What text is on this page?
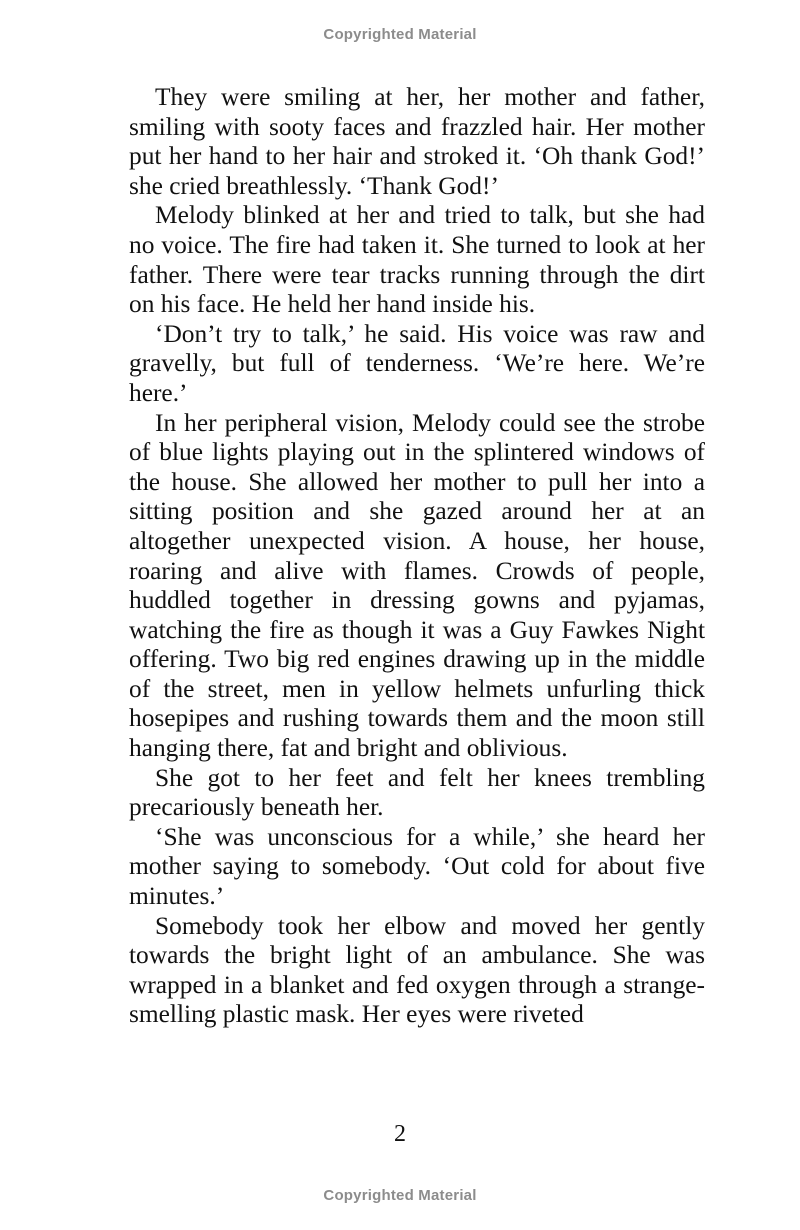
Copyrighted Material

They were smiling at her, her mother and father, smiling with sooty faces and frazzled hair. Her mother put her hand to her hair and stroked it. ‘Oh thank God!’ she cried breathlessly. ‘Thank God!’

Melody blinked at her and tried to talk, but she had no voice. The fire had taken it. She turned to look at her father. There were tear tracks running through the dirt on his face. He held her hand inside his.

‘Don’t try to talk,’ he said. His voice was raw and gravelly, but full of tenderness. ‘We’re here. We’re here.’

In her peripheral vision, Melody could see the strobe of blue lights playing out in the splintered windows of the house. She allowed her mother to pull her into a sitting position and she gazed around her at an altogether unexpected vision. A house, her house, roaring and alive with flames. Crowds of people, huddled together in dressing gowns and pyjamas, watching the fire as though it was a Guy Fawkes Night offering. Two big red engines drawing up in the middle of the street, men in yellow helmets unfurling thick hosepipes and rushing towards them and the moon still hanging there, fat and bright and oblivious.

She got to her feet and felt her knees trembling precariously beneath her.

‘She was unconscious for a while,’ she heard her mother saying to somebody. ‘Out cold for about five minutes.’

Somebody took her elbow and moved her gently towards the bright light of an ambulance. She was wrapped in a blanket and fed oxygen through a strange-smelling plastic mask. Her eyes were riveted

2
Copyrighted Material
